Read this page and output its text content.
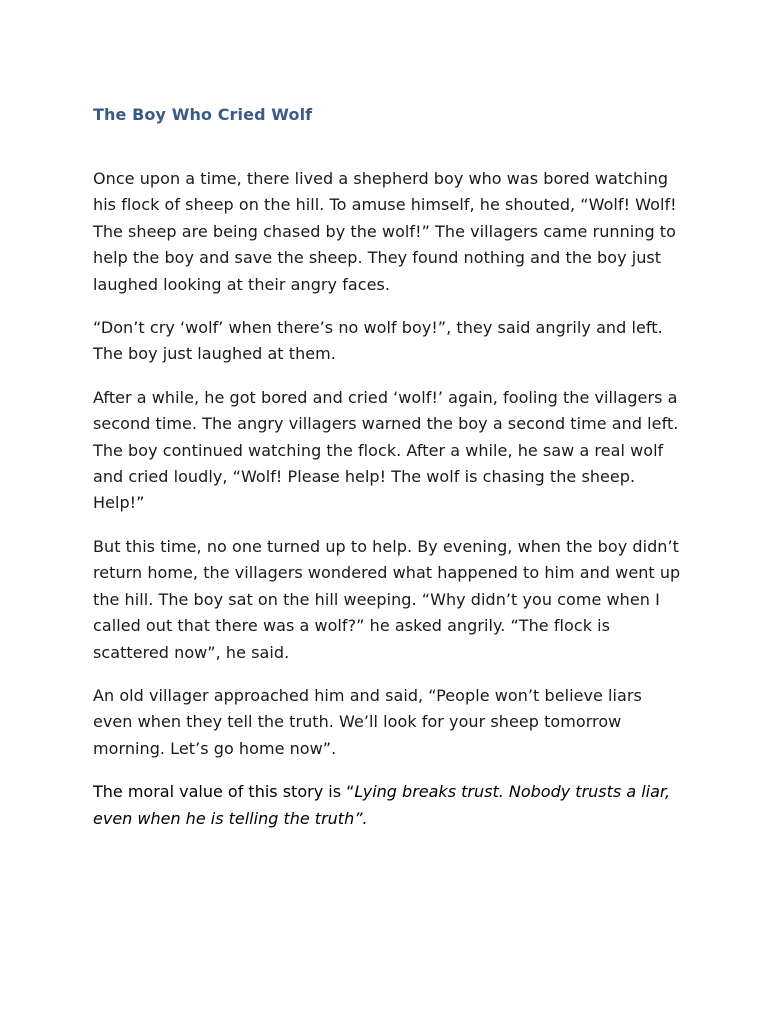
The Boy Who Cried Wolf

Once upon a time, there lived a shepherd boy who was bored watching his flock of sheep on the hill. To amuse himself, he shouted, “Wolf! Wolf! The sheep are being chased by the wolf!” The villagers came running to help the boy and save the sheep. They found nothing and the boy just laughed looking at their angry faces.

“Don’t cry ‘wolf’ when there’s no wolf boy!”, they said angrily and left. The boy just laughed at them.

After a while, he got bored and cried ‘wolf!’ again, fooling the villagers a second time. The angry villagers warned the boy a second time and left. The boy continued watching the flock. After a while, he saw a real wolf and cried loudly, “Wolf! Please help! The wolf is chasing the sheep. Help!”

But this time, no one turned up to help. By evening, when the boy didn’t return home, the villagers wondered what happened to him and went up the hill. The boy sat on the hill weeping. “Why didn’t you come when I called out that there was a wolf?” he asked angrily. “The flock is scattered now”, he said.

An old villager approached him and said, “People won’t believe liars even when they tell the truth. We’ll look for your sheep tomorrow morning. Let’s go home now”.

The moral value of this story is “Lying breaks trust. Nobody trusts a liar, even when he is telling the truth”.
